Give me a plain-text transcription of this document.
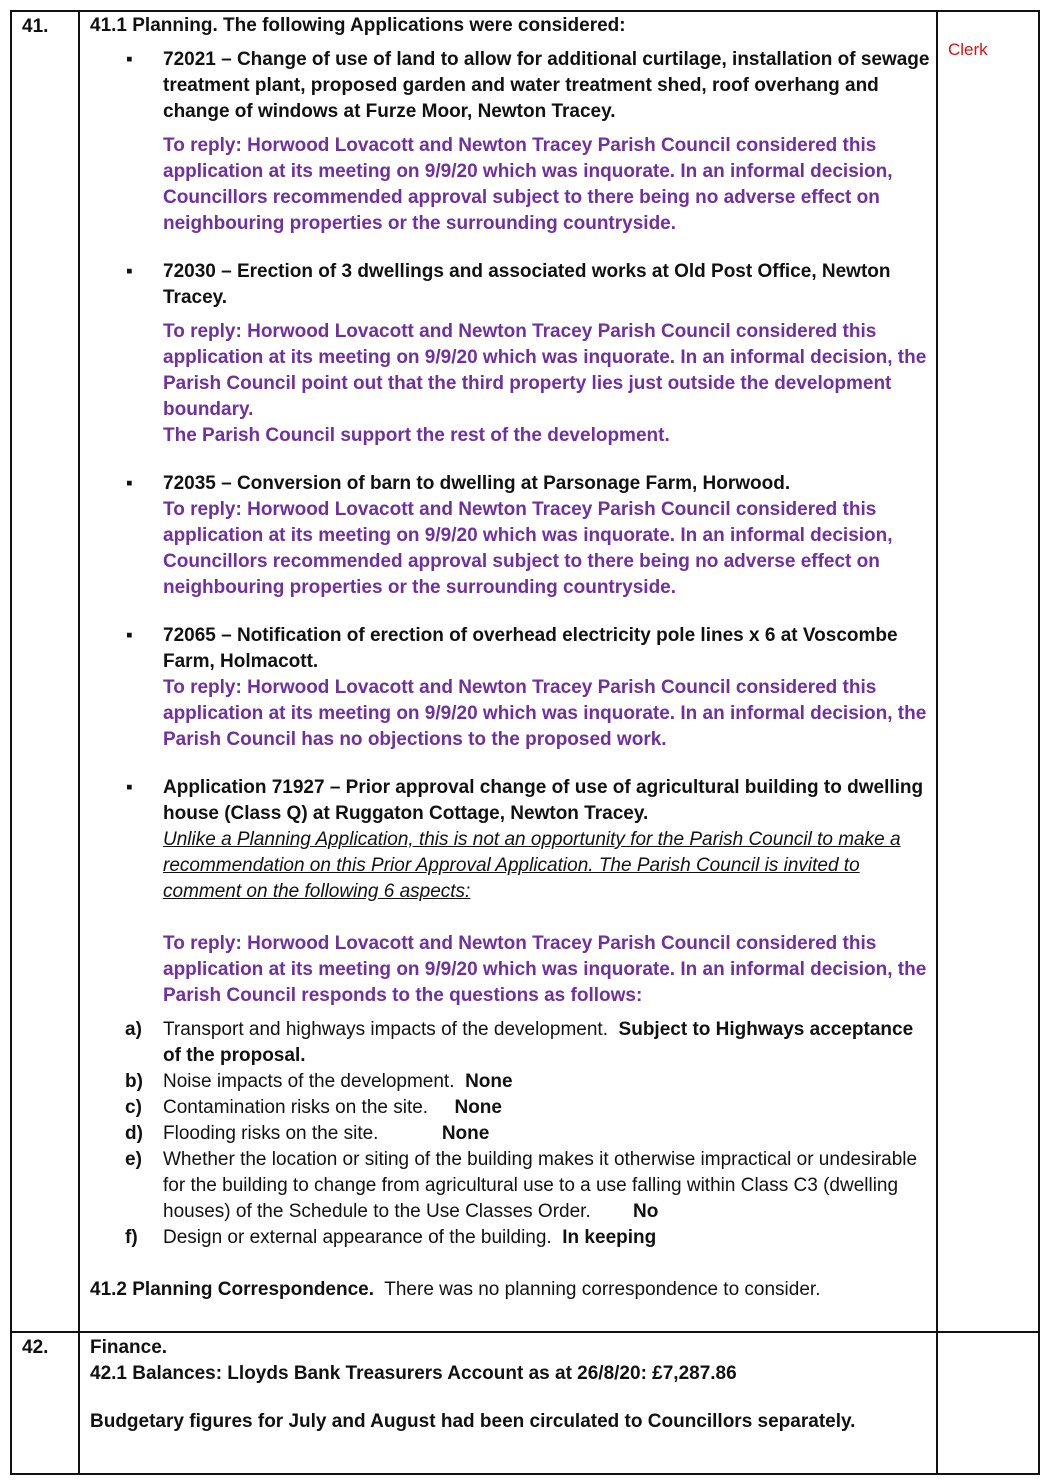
41.
Clerk
41.1 Planning. The following Applications were considered:
▪ 72021 – Change of use of land to allow for additional curtilage, installation of sewage treatment plant, proposed garden and water treatment shed, roof overhang and change of windows at Furze Moor, Newton Tracey.
To reply: Horwood Lovacott and Newton Tracey Parish Council considered this application at its meeting on 9/9/20 which was inquorate. In an informal decision, Councillors recommended approval subject to there being no adverse effect on neighbouring properties or the surrounding countryside.
▪ 72030 – Erection of 3 dwellings and associated works at Old Post Office, Newton Tracey.
To reply: Horwood Lovacott and Newton Tracey Parish Council considered this application at its meeting on 9/9/20 which was inquorate. In an informal decision, the Parish Council point out that the third property lies just outside the development boundary.
The Parish Council support the rest of the development.
▪ 72035 – Conversion of barn to dwelling at Parsonage Farm, Horwood.
To reply: Horwood Lovacott and Newton Tracey Parish Council considered this application at its meeting on 9/9/20 which was inquorate. In an informal decision, Councillors recommended approval subject to there being no adverse effect on neighbouring properties or the surrounding countryside.
▪ 72065 – Notification of erection of overhead electricity pole lines x 6 at Voscombe Farm, Holmacott.
To reply: Horwood Lovacott and Newton Tracey Parish Council considered this application at its meeting on 9/9/20 which was inquorate. In an informal decision, the Parish Council has no objections to the proposed work.
▪ Application 71927 – Prior approval change of use of agricultural building to dwelling house (Class Q) at Ruggaton Cottage, Newton Tracey.
Unlike a Planning Application, this is not an opportunity for the Parish Council to make a recommendation on this Prior Approval Application. The Parish Council is invited to comment on the following 6 aspects:
To reply: Horwood Lovacott and Newton Tracey Parish Council considered this application at its meeting on 9/9/20 which was inquorate. In an informal decision, the Parish Council responds to the questions as follows:
a) Transport and highways impacts of the development. Subject to Highways acceptance of the proposal.
b) Noise impacts of the development. None
c) Contamination risks on the site. None
d) Flooding risks on the site.	None
e) Whether the location or siting of the building makes it otherwise impractical or undesirable for the building to change from agricultural use to a use falling within Class C3 (dwelling houses) of the Schedule to the Use Classes Order. No
f) Design or external appearance of the building. In keeping
41.2 Planning Correspondence. There was no planning correspondence to consider.
42. Finance.
42.1 Balances: Lloyds Bank Treasurers Account as at 26/8/20: £7,287.86
Budgetary figures for July and August had been circulated to Councillors separately.
